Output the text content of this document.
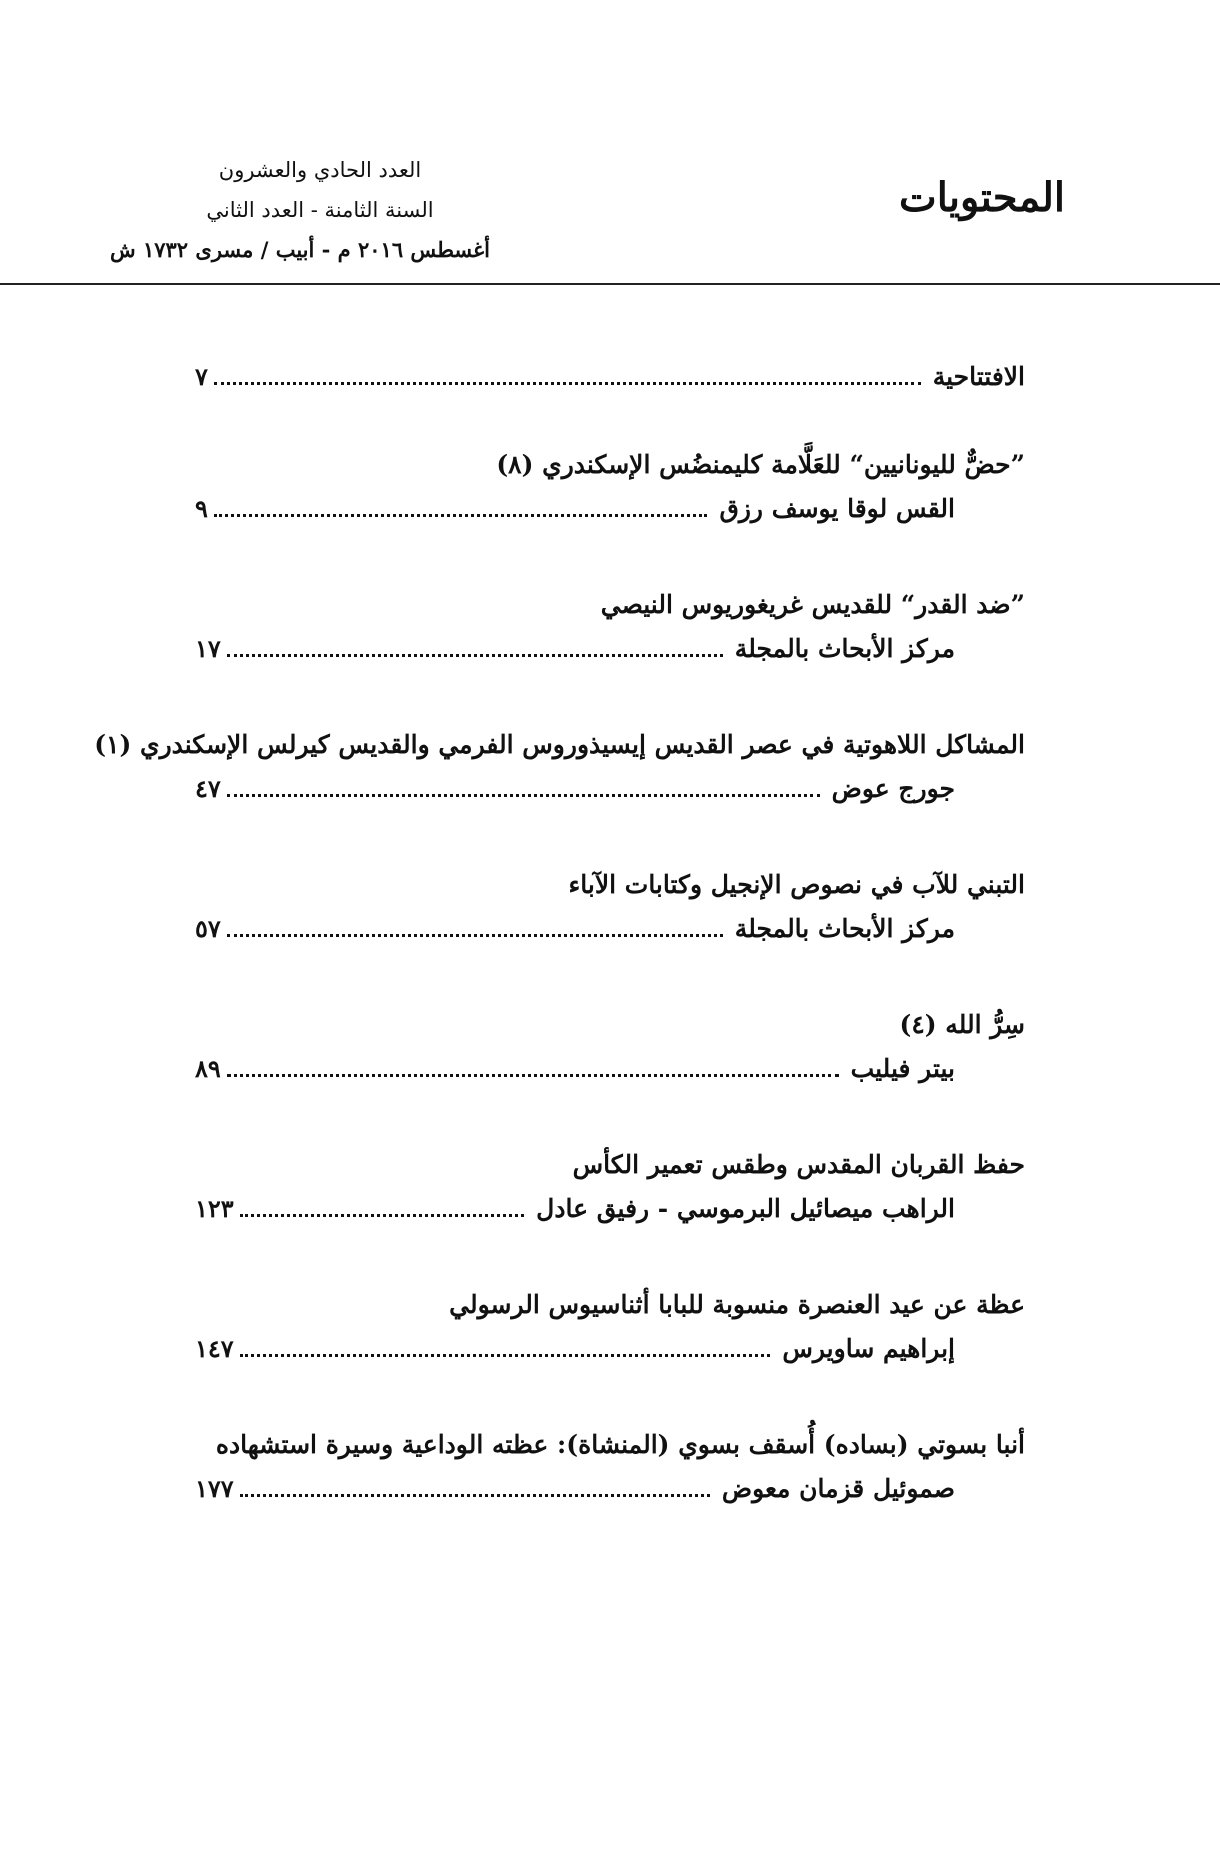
المحتويات
العدد الحادي والعشرون
السنة الثامنة - العدد الثاني
أغسطس ٢٠١٦ م - أبيب / مسرى ١٧٣٢ ش
الافتتاحية
٧
”حضٌّ لليونانيين“ للعَلَّامة كليمنضُس الإسكندري (٨)
القس لوقا يوسف رزق
٩
”ضد القدر“ للقديس غريغوريوس النيصي
مركز الأبحاث بالمجلة
١٧
المشاكل اللاهوتية في عصر القديس إيسيذوروس الفرمي والقديس كيرلس الإسكندري (١)
جورج عوض
٤٧
التبني للآب في نصوص الإنجيل وكتابات الآباء
مركز الأبحاث بالمجلة
٥٧
سِرُّ الله (٤)
بيتر فيليب
٨٩
حفظ القربان المقدس وطقس تعمير الكأس
الراهب ميصائيل البرموسي - رفيق عادل
١٢٣
عظة عن عيد العنصرة منسوبة للبابا أثناسيوس الرسولي
إبراهيم ساويرس
١٤٧
أنبا بسوتي (بساده) أُسقف بسوي (المنشاة): عظته الوداعية وسيرة استشهاده
صموئيل قزمان معوض
١٧٧
